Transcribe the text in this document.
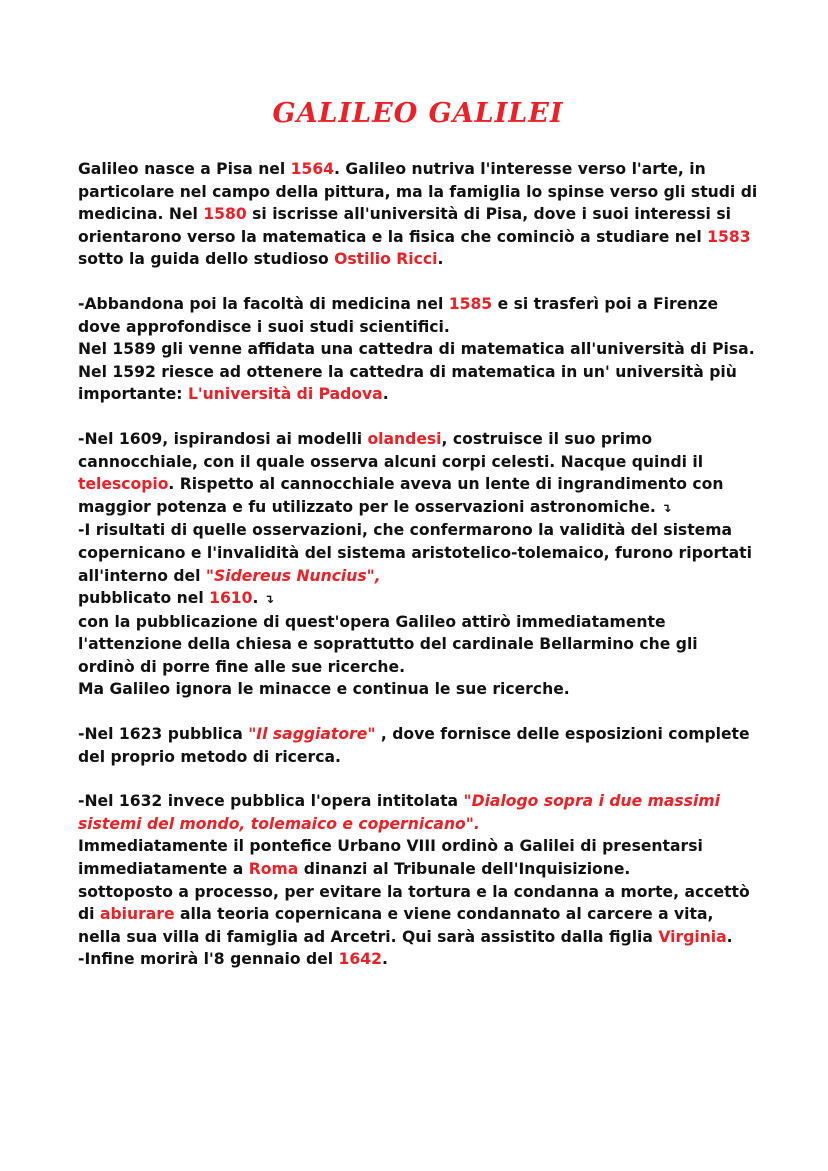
GALILEO GALILEI

Galileo nasce a Pisa nel 1564. Galileo nutriva l'interesse verso l'arte, in particolare nel campo della pittura, ma la famiglia lo spinse verso gli studi di medicina. Nel 1580 si iscrisse all'università di Pisa, dove i suoi interessi si orientarono verso la matematica e la fisica che cominciò a studiare nel 1583 sotto la guida dello studioso Ostilio Ricci.

-Abbandona poi la facoltà di medicina nel 1585 e si trasferì poi a Firenze dove approfondisce i suoi studi scientifici.
Nel 1589 gli venne affidata una cattedra di matematica all'università di Pisa. Nel 1592 riesce ad ottenere la cattedra di matematica in un' università più importante: L'università di Padova.

-Nel 1609, ispirandosi ai modelli olandesi, costruisce il suo primo cannocchiale, con il quale osserva alcuni corpi celesti. Nacque quindi il telescopio. Rispetto al cannocchiale aveva un lente di ingrandimento con maggior potenza e fu utilizzato per le osservazioni astronomiche. ↴
-I risultati di quelle osservazioni, che confermarono la validità del sistema copernicano e l'invalidità del sistema aristotelico-tolemaico, furono riportati all'interno del "Sidereus Nuncius",
pubblicato nel 1610. ↴
con la pubblicazione di quest'opera Galileo attirò immediatamente l'attenzione della chiesa e soprattutto del cardinale Bellarmino che gli ordinò di porre fine alle sue ricerche.
Ma Galileo ignora le minacce e continua le sue ricerche.

-Nel 1623 pubblica "Il saggiatore" , dove fornisce delle esposizioni complete del proprio metodo di ricerca.

-Nel 1632 invece pubblica l'opera intitolata "Dialogo sopra i due massimi sistemi del mondo, tolemaico e copernicano".
Immediatamente il pontefice Urbano VIII ordinò a Galilei di presentarsi immediatamente a Roma dinanzi al Tribunale dell'Inquisizione.
sottoposto a processo, per evitare la tortura e la condanna a morte, accettò di abiurare alla teoria copernicana e viene condannato al carcere a vita, nella sua villa di famiglia ad Arcetri. Qui sarà assistito dalla figlia Virginia.
-Infine morirà l'8 gennaio del 1642.
